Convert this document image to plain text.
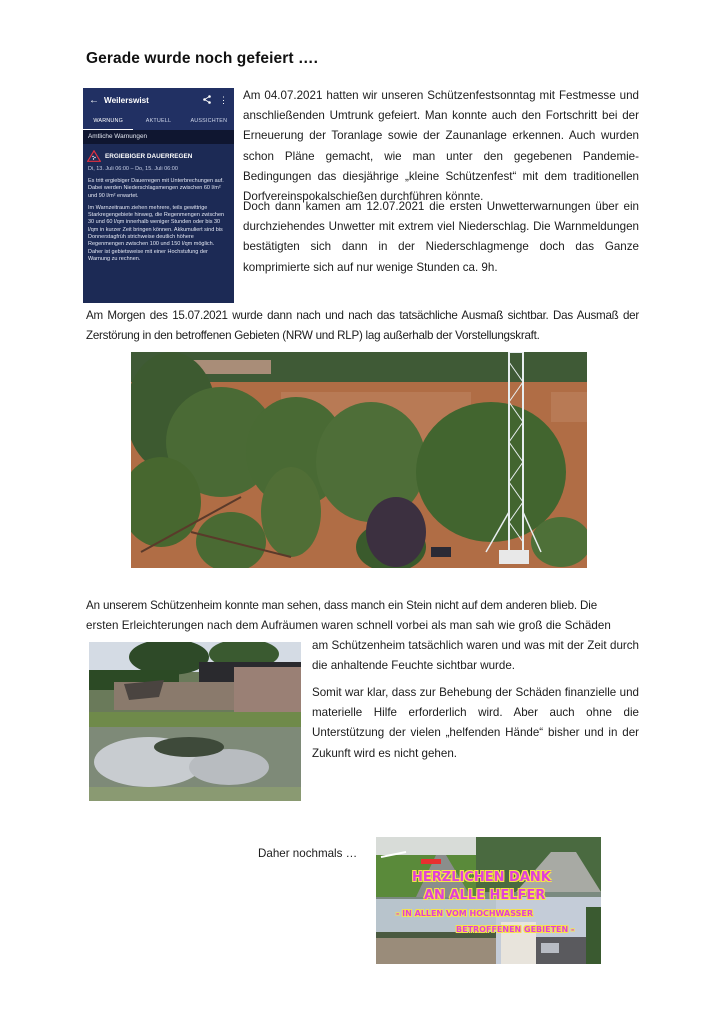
Gerade wurde noch gefeiert ….
← Weilerswist	⋮
WARNUNG	AKTUELL	AUSSICHTEN
Amtliche Warnungen
ERGIEBIGER DAUERREGEN
Di, 13. Juli 06:00 – Do, 15. Juli 06:00

Es tritt ergiebiger Dauerregen mit Unterbrechungen auf. Dabei werden Niederschlagsmengen zwischen 60 l/m² und 90 l/m² erwartet.

Im Warnzeitraum ziehen mehrere, teils gewittrige Starkregengebiete hinweg, die Regenmengen zwischen 30 und 60 l/qm innerhalb weniger Stunden oder bis 30 l/qm in kurzer Zeit bringen können. Akkumuliert sind bis Donnerstagfrüh strichweise deutlich höhere Regenmengen zwischen 100 und 150 l/qm möglich. Daher ist gebietsweise mit einer Hochstufung der Warnung zu rechnen.

Am 04.07.2021 hatten wir unseren Schützenfestsonntag mit Festmesse und anschließenden Umtrunk gefeiert. Man konnte auch den Fortschritt bei der Erneuerung der Toranlage sowie der Zaunanlage erkennen. Auch wurden schon Pläne gemacht, wie man unter den gegebenen Pandemie-Bedingungen das diesjährige „kleine Schützenfest“ mit dem traditionellen Dorfvereinspokalschießen durchführen könnte.
Doch dann kamen am 12.07.2021 die ersten Unwetterwarnungen über ein durchziehendes Unwetter mit extrem viel Niederschlag. Die Warnmeldungen bestätigten sich dann in der Niederschlagmenge doch das Ganze komprimierte sich auf nur wenige Stunden ca. 9h.
Am Morgen des 15.07.2021 wurde dann nach und nach das tatsächliche Ausmaß sichtbar. Das Ausmaß der Zerstörung in den betroffenen Gebieten (NRW und RLP) lag außerhalb der Vorstellungskraft.
An unserem Schützenheim konnte man sehen, dass manch ein Stein nicht auf dem anderen blieb. Die
ersten Erleichterungen nach dem Aufräumen waren schnell vorbei als man sah wie groß die Schäden
am Schützenheim tatsächlich waren und was mit der Zeit durch die anhaltende Feuchte sichtbar wurde.
Somit war klar, dass zur Behebung der Schäden finanzielle und materielle Hilfe erforderlich wird. Aber auch ohne die Unterstützung der vielen „helfenden Hände“ bisher und in der Zukunft wird es nicht gehen.
Daher nochmals …
HERZLICHEN DANK
AN ALLE HELFER
- IN ALLEN VOM HOCHWASSER
BETROFFENEN GEBIETEN -
